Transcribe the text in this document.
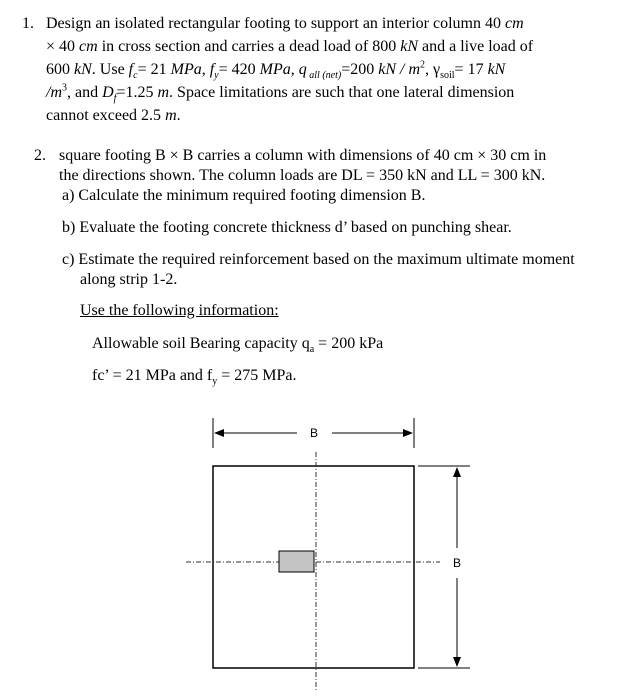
1. Design an isolated rectangular footing to support an interior column 40 cm
× 40 cm in cross section and carries a dead load of 800 kN and a live load of
600 kN. Use $f_c= 21$ MPa, $f_y= 420$ MPa, q $_{all (net)}$=200 kN / $m^2$, $\gamma_{soil}= 17$ kN
$/m^3$, and $D_f=1.25$ m. Space limitations are such that one lateral dimension
cannot exceed 2.5 m.
2. square footing B × B carries a column with dimensions of 40 cm × 30 cm in
the directions shown. The column loads are DL = 350 kN and LL = 300 kN.
a) Calculate the minimum required footing dimension B.
b) Evaluate the footing concrete thickness d’ based on punching shear.
c) Estimate the required reinforcement based on the maximum ultimate moment
along strip 1-2.
Use the following information:
Allowable soil Bearing capacity $q_a = 200$ kPa
fc’ = 21 MPa and $f_y = 275$ MPa.
B
B
